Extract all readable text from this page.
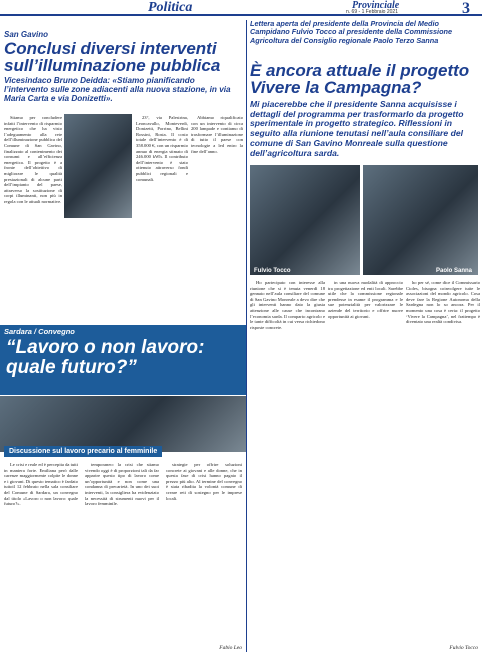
Politica	Provinciale
n. 69 - 1 Febbraio 2021	3
San Gavino
Conclusi diversi interventi sull’illuminazione pubblica
Vicesindaco Bruno Deidda: «Stiamo pianificando l’intervento sulle zone adiacenti alla nuova stazione, in via Maria Carta e via Donizetti».

Stiamo per concludere infatti l’intervento di risparmio energetico che ha visto l’adeguamento alla rete dell’illuminazione pubblica del Comune di San Gavino, finalizzato al contenimento dei consumi e all’efficienza energetica. Il progetto è a fronte dell’obiettivo di migliorare le qualità prestazionali di alcune parti dell’impianto del paese, attraverso la sostituzione di corpi illuminanti, non più in regola con le attuali normative.

23°, via Palestrina, Leoncavallo, Monteverdi, Donizetti, Porrino, Bellini Rossini, Rosta. Il costo totale dell’intervento è di 358.000 €, con un risparmio annuo di energia stimato di 246.000 kWh. Il contributo dell’intervento è stato ottenuto attraverso fondi pubblici regionali e comunali.

Abbiamo riqualificato con un intervento di circa 200 lampade e contiamo di trasformare l’illuminazione di tutto il paese con tecnologie a led entro la fine dell’anno.

Sardara / Convegno
“Lavoro o non lavoro: quale futuro?”
Discussione sul lavoro precario al femminile

Le crisi e reale ed è percepita da tutti in maniera forte. Emiliana però dalle carenze maggiormente colpite le donne e i giovani. Di questo tematico è fardato tuttoil 12 febbraio nella sala consiliare del Comune di Sardara, un convegno dal titolo «Lavoro o non lavoro: quale futuro?».

temporaneo: la crisi che stiamo vivendo oggi è di proporzioni tali da far apparire questo tipo di lavoro come un’opportunità e non come una condanna di precarietà. In uno dei suoi interventi, la consigliera ha evidenziato la necessità di strumenti nuovi per il lavoro femminile.

strategie per offrire soluzioni concrete ai giovani e alle donne, che in questa fase di crisi hanno pagato il prezzo più alto. Al termine del convegno è stata ribadita la volontà comune di creare reti di sostegno per le imprese locali.

Fabio Leo
Lettera aperta del presidente della Provincia del Medio Campidano Fulvio Tocco al presidente della Commissione Agricoltura del Consiglio regionale Paolo Terzo Sanna
È ancora attuale il progetto Vivere la Campagna?
Mi piacerebbe che il presidente Sanna acquisisse i dettagli del programma per trasformarlo da progetto sperimentale in progetto strategico. Riflessioni in seguito alla riunione tenutasi nell’aula consiliare del comune di San Gavino Monreale sulla questione dell’agricoltura sarda.
Fulvio Tocco	Paolo Sanna

Ho partecipato con interesse alla riunione che si è tenuta venerdì 18 gennaio nell’aula consiliare del comune di San Gavino Monreale a devo dire che gli interventi hanno dato la giusta attenzione alle cause che incontrano l’economia sarda. Il comparto agricolo e le tante difficoltà in cui versa richiedono risposte concrete.

in una nuova modalità di approccio tra progettazione ed enti locali. Sarebbe utile che la commissione regionale prendesse in esame il programma e le sue potenzialità per valorizzare le aziende del territorio e offrire nuove opportunità ai giovani.

ho per sé, come dice il Commissario Cioles, bisogna coinvolgere tutte le associazioni del mondo agricolo. Cosa deve fare la Regione Autonoma della Sardegna non lo so ancora. Per il momento una cosa è certa: il progetto ‘Vivere la Campagna’, nel frattempo è diventato una realtà condivisa.

Fulvio Tocco
